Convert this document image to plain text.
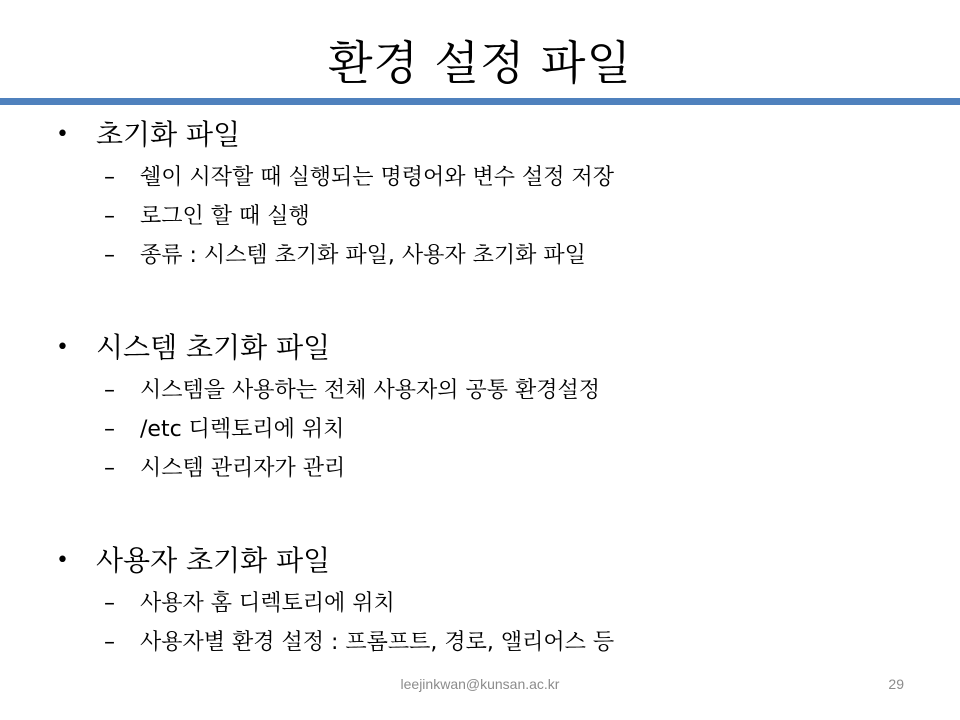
환경 설정 파일
• 초기화 파일
–	쉘이 시작할 때 실행되는 명령어와 변수 설정 저장
–	로그인 할 때 실행
–	종류 : 시스템 초기화 파일, 사용자 초기화 파일
• 시스템 초기화 파일
–	시스템을 사용하는 전체 사용자의 공통 환경설정
–	/etc 디렉토리에 위치
–	시스템 관리자가 관리
• 사용자 초기화 파일
–	사용자 홈 디렉토리에 위치
–	사용자별 환경 설정 : 프롬프트, 경로, 앨리어스 등
leejinkwan@kunsan.ac.kr	29
